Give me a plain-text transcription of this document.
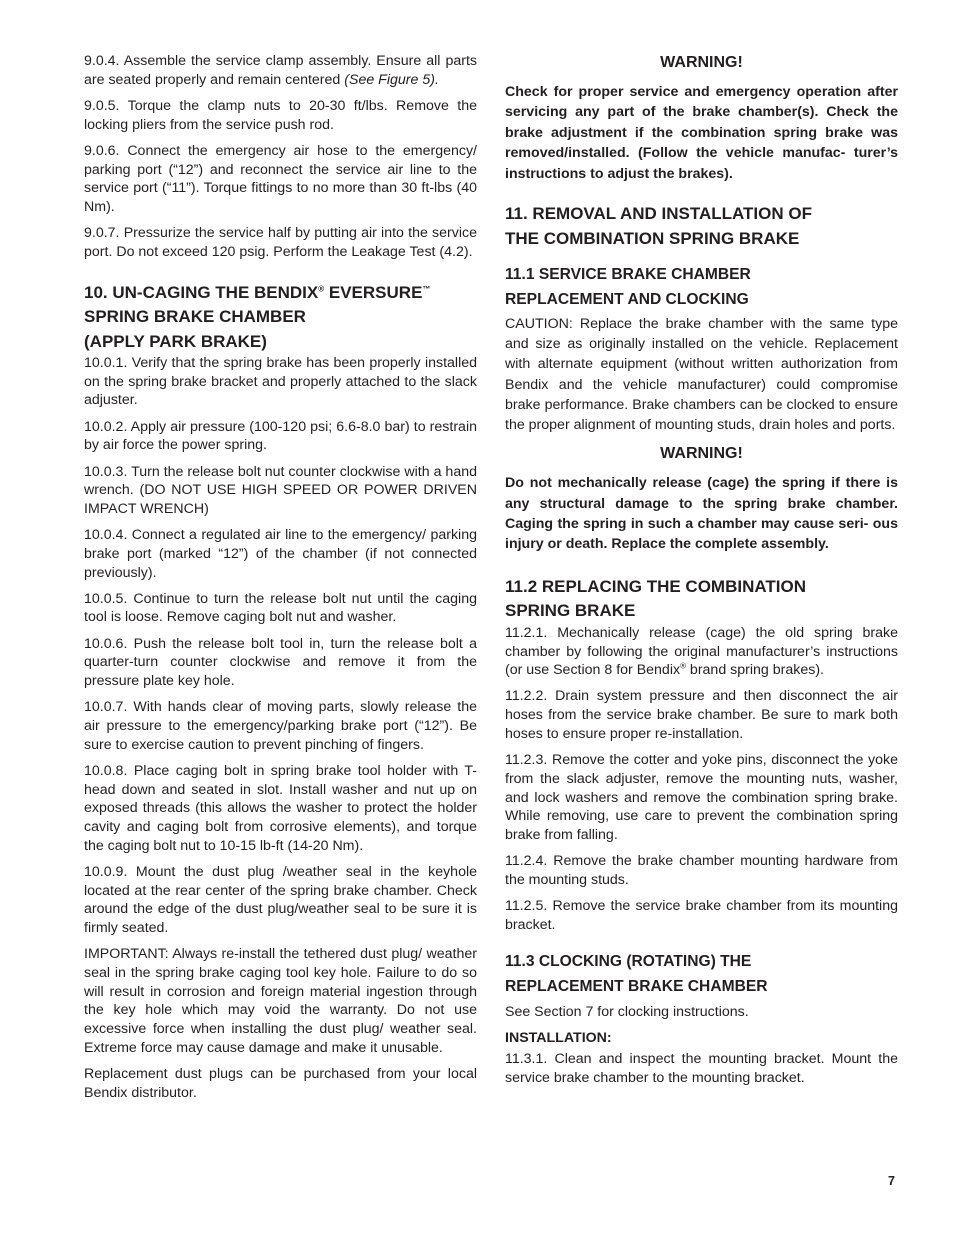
9.0.4. Assemble the service clamp assembly. Ensure all parts are seated properly and remain centered (See Figure 5).

9.0.5. Torque the clamp nuts to 20-30 ft/lbs. Remove the locking pliers from the service push rod.

9.0.6. Connect the emergency air hose to the emergency/ parking port (“12”) and reconnect the service air line to the service port (“11”). Torque fittings to no more than 30 ft-lbs (40 Nm).

9.0.7. Pressurize the service half by putting air into the service port. Do not exceed 120 psig. Perform the Leakage Test (4.2).

10. UN-CAGING THE BENDIX® EVERSURE™
SPRING BRAKE CHAMBER
(APPLY PARK BRAKE)

10.0.1. Verify that the spring brake has been properly installed on the spring brake bracket and properly attached to the slack adjuster.

10.0.2. Apply air pressure (100-120 psi; 6.6-8.0 bar) to restrain by air force the power spring.

10.0.3. Turn the release bolt nut counter clockwise with a hand wrench. (DO NOT USE HIGH SPEED OR POWER DRIVEN IMPACT WRENCH)

10.0.4. Connect a regulated air line to the emergency/ parking brake port (marked “12”) of the chamber (if not connected previously).

10.0.5. Continue to turn the release bolt nut until the caging tool is loose. Remove caging bolt nut and washer.

10.0.6. Push the release bolt tool in, turn the release bolt a quarter-turn counter clockwise and remove it from the pressure plate key hole.

10.0.7. With hands clear of moving parts, slowly release the air pressure to the emergency/parking brake port (“12”). Be sure to exercise caution to prevent pinching of fingers.

10.0.8. Place caging bolt in spring brake tool holder with T-head down and seated in slot. Install washer and nut up on exposed threads (this allows the washer to protect the holder cavity and caging bolt from corrosive elements), and torque the caging bolt nut to 10-15 lb-ft (14-20 Nm).

10.0.9. Mount the dust plug /weather seal in the keyhole located at the rear center of the spring brake chamber. Check around the edge of the dust plug/weather seal to be sure it is firmly seated.

IMPORTANT: Always re-install the tethered dust plug/ weather seal in the spring brake caging tool key hole. Failure to do so will result in corrosion and foreign material ingestion through the key hole which may void the warranty. Do not use excessive force when installing the dust plug/ weather seal. Extreme force may cause damage and make it unusable.

Replacement dust plugs can be purchased from your local Bendix distributor.

WARNING!

Check for proper service and emergency operation after servicing any part of the brake chamber(s). Check the brake adjustment if the combination spring brake was removed/installed. (Follow the vehicle manufac- turer’s instructions to adjust the brakes).

11. REMOVAL AND INSTALLATION OF
THE COMBINATION SPRING BRAKE
11.1 SERVICE BRAKE CHAMBER
REPLACEMENT AND CLOCKING

CAUTION: Replace the brake chamber with the same type and size as originally installed on the vehicle. Replacement with alternate equipment (without written authorization from Bendix and the vehicle manufacturer) could compromise brake performance. Brake chambers can be clocked to ensure the proper alignment of mounting studs, drain holes and ports.

WARNING!

Do not mechanically release (cage) the spring if there is any structural damage to the spring brake chamber. Caging the spring in such a chamber may cause seri- ous injury or death. Replace the complete assembly.

11.2 REPLACING THE COMBINATION
SPRING BRAKE

11.2.1. Mechanically release (cage) the old spring brake chamber by following the original manufacturer’s instructions (or use Section 8 for Bendix® brand spring brakes).

11.2.2. Drain system pressure and then disconnect the air hoses from the service brake chamber. Be sure to mark both hoses to ensure proper re-installation.

11.2.3. Remove the cotter and yoke pins, disconnect the yoke from the slack adjuster, remove the mounting nuts, washer, and lock washers and remove the combination spring brake. While removing, use care to prevent the combination spring brake from falling.

11.2.4. Remove the brake chamber mounting hardware from the mounting studs.

11.2.5. Remove the service brake chamber from its mounting bracket.

11.3 CLOCKING (ROTATING) THE
REPLACEMENT BRAKE CHAMBER

See Section 7 for clocking instructions.

INSTALLATION:

11.3.1. Clean and inspect the mounting bracket. Mount the service brake chamber to the mounting bracket.

7
